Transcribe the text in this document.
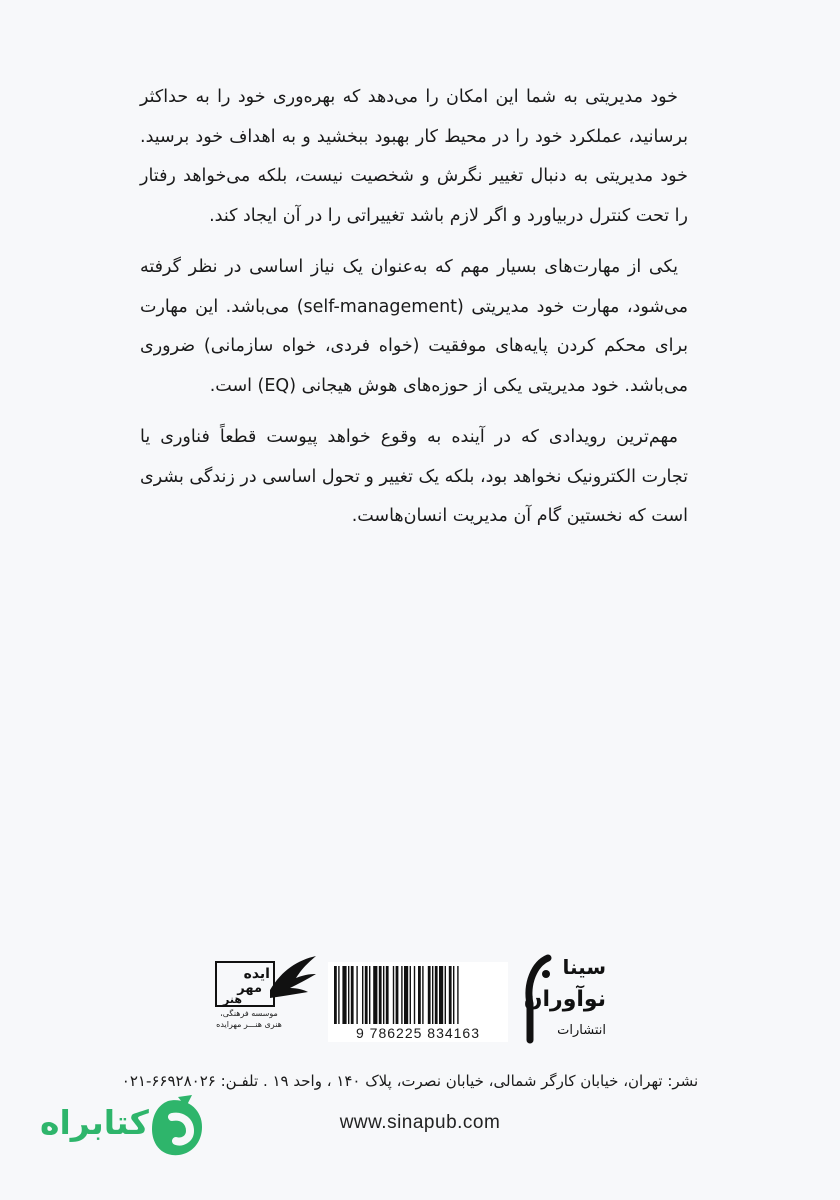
خود مدیریتی به شما این امکان را می‌دهد که بهره‌وری خود را به حداکثر برسانید، عملکرد خود را در محیط کار بهبود ببخشید و به اهداف خود برسید. خود مدیریتی به دنبال تغییر نگرش و شخصیت نیست، بلکه می‌خواهد رفتار را تحت کنترل دربیاورد و اگر لازم باشد تغییراتی را در آن ایجاد کند.

یکی از مهارت‌های بسیار مهم که به‌عنوان یک نیاز اساسی در نظر گرفته می‌شود، مهارت خود مدیریتی (self-management) می‌باشد. این مهارت برای محکم کردن پایه‌های موفقیت (خواه فردی، خواه سازمانی) ضروری می‌باشد. خود مدیریتی یکی از حوزه‌های هوش هیجانی (EQ) است.

مهم‌ترین رویدادی که در آینده به وقوع خواهد پیوست قطعاً فناوری یا تجارت الکترونیک نخواهد بود، بلکه یک تغییر و تحول اساسی در زندگی بشری است که نخستین گام آن مدیریت انسان‌هاست.

سینا
نوآوران
انتشارات
9 786225 834163
ایده
مهر
هنر
موسسه فرهنگی، هنری هنـــر مهرایده
نشر: تهران، خیابان کارگر شمالی، خیابان نصرت، پلاک ۱۴۰ ، واحد ۱۹ . تلفـن: ۶۶۹۲۸۰۲۶-۰۲۱
www.sinapub.com
کتابراه
